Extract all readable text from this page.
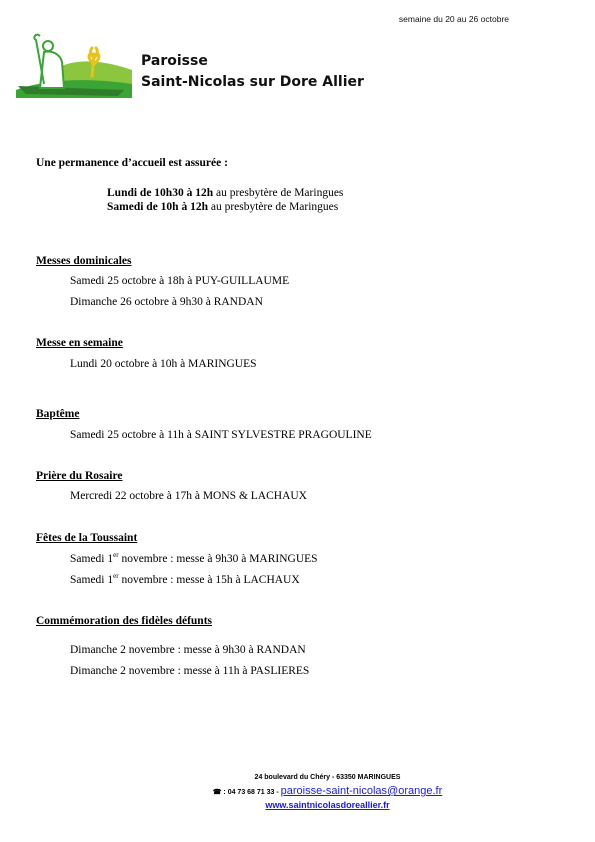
semaine du 20 au 26 octobre
Paroisse
Saint-Nicolas sur Dore Allier
Une permanence d’accueil est assurée :
Lundi de 10h30 à 12h au presbytère de Maringues
Samedi de 10h à 12h au presbytère de Maringues
Messes dominicales
Samedi 25 octobre à 18h à PUY-GUILLAUME
Dimanche 26 octobre à 9h30 à RANDAN
Messe en semaine
Lundi 20 octobre à 10h à MARINGUES
Baptême
Samedi 25 octobre à 11h à SAINT SYLVESTRE PRAGOULINE
Prière du Rosaire
Mercredi 22 octobre à 17h à MONS & LACHAUX
Fêtes de la Toussaint
Samedi 1er novembre : messe à 9h30 à MARINGUES
Samedi 1er novembre : messe à 15h à LACHAUX
Commémoration des fidèles défunts
Dimanche 2 novembre : messe à 9h30 à RANDAN
Dimanche 2 novembre : messe à 11h à PASLIERES
24 boulevard du Chéry - 63350 MARINGUES
☎ : 04 73 68 71 33 - paroisse-saint-nicolas@orange.fr
www.saintnicolasdoreallier.fr
